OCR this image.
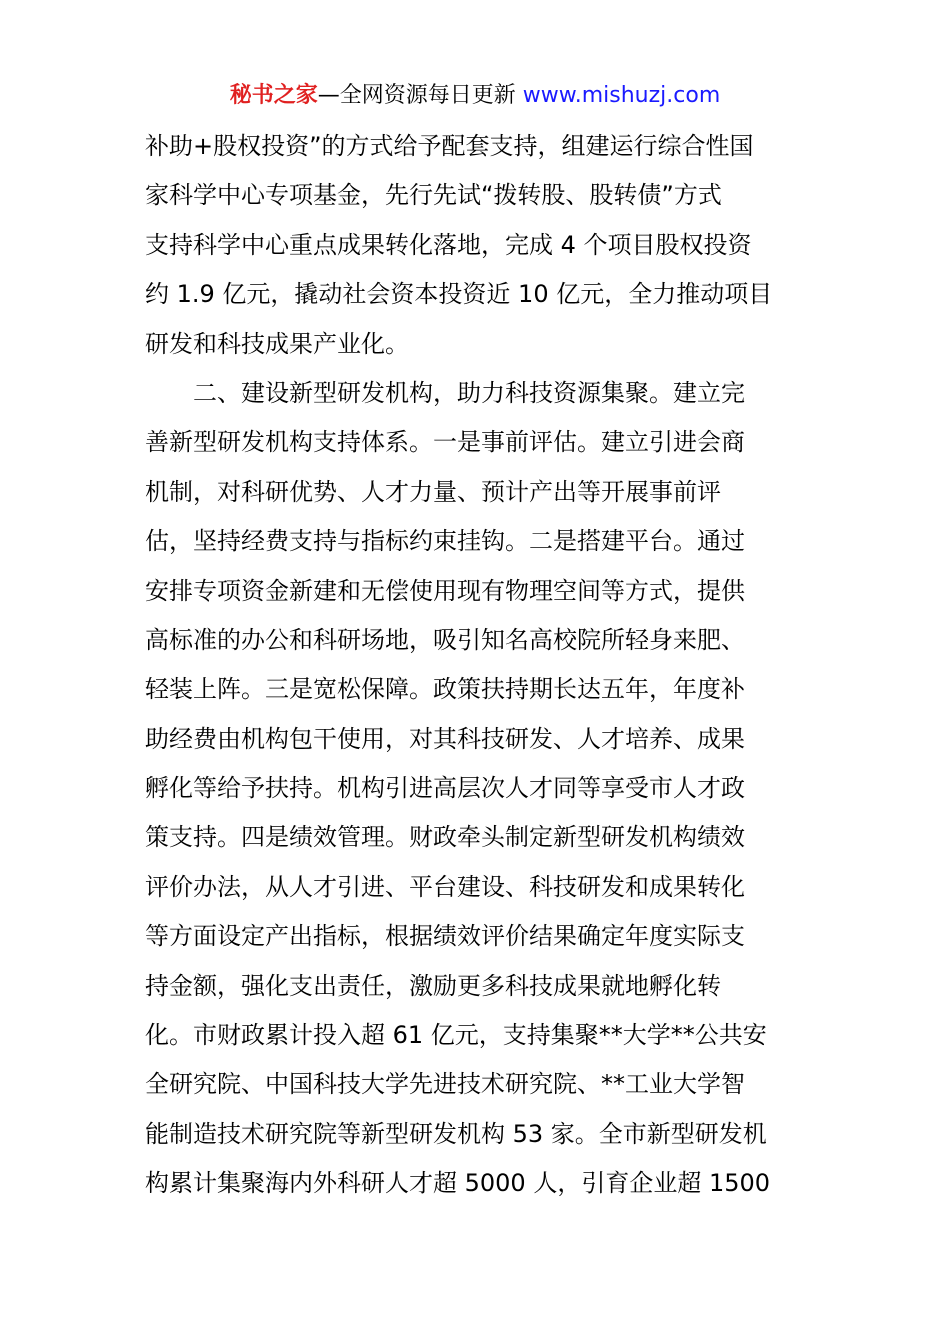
秘书之家—全网资源每日更新 www.mishuzj.com
补助+股权投资”的方式给予配套支持，组建运行综合性国
家科学中心专项基金，先行先试“拨转股、股转债”方式
支持科学中心重点成果转化落地，完成 4 个项目股权投资
约 1.9 亿元，撬动社会资本投资近 10 亿元，全力推动项目
研发和科技成果产业化。
二、建设新型研发机构，助力科技资源集聚。建立完
善新型研发机构支持体系。一是事前评估。建立引进会商
机制，对科研优势、人才力量、预计产出等开展事前评
估，坚持经费支持与指标约束挂钩。二是搭建平台。通过
安排专项资金新建和无偿使用现有物理空间等方式，提供
高标准的办公和科研场地，吸引知名高校院所轻身来肥、
轻装上阵。三是宽松保障。政策扶持期长达五年，年度补
助经费由机构包干使用，对其科技研发、人才培养、成果
孵化等给予扶持。机构引进高层次人才同等享受市人才政
策支持。四是绩效管理。财政牵头制定新型研发机构绩效
评价办法，从人才引进、平台建设、科技研发和成果转化
等方面设定产出指标，根据绩效评价结果确定年度实际支
持金额，强化支出责任，激励更多科技成果就地孵化转
化。市财政累计投入超 61 亿元，支持集聚**大学**公共安
全研究院、中国科技大学先进技术研究院、**工业大学智
能制造技术研究院等新型研发机构 53 家。全市新型研发机
构累计集聚海内外科研人才超 5000 人，引育企业超 1500
